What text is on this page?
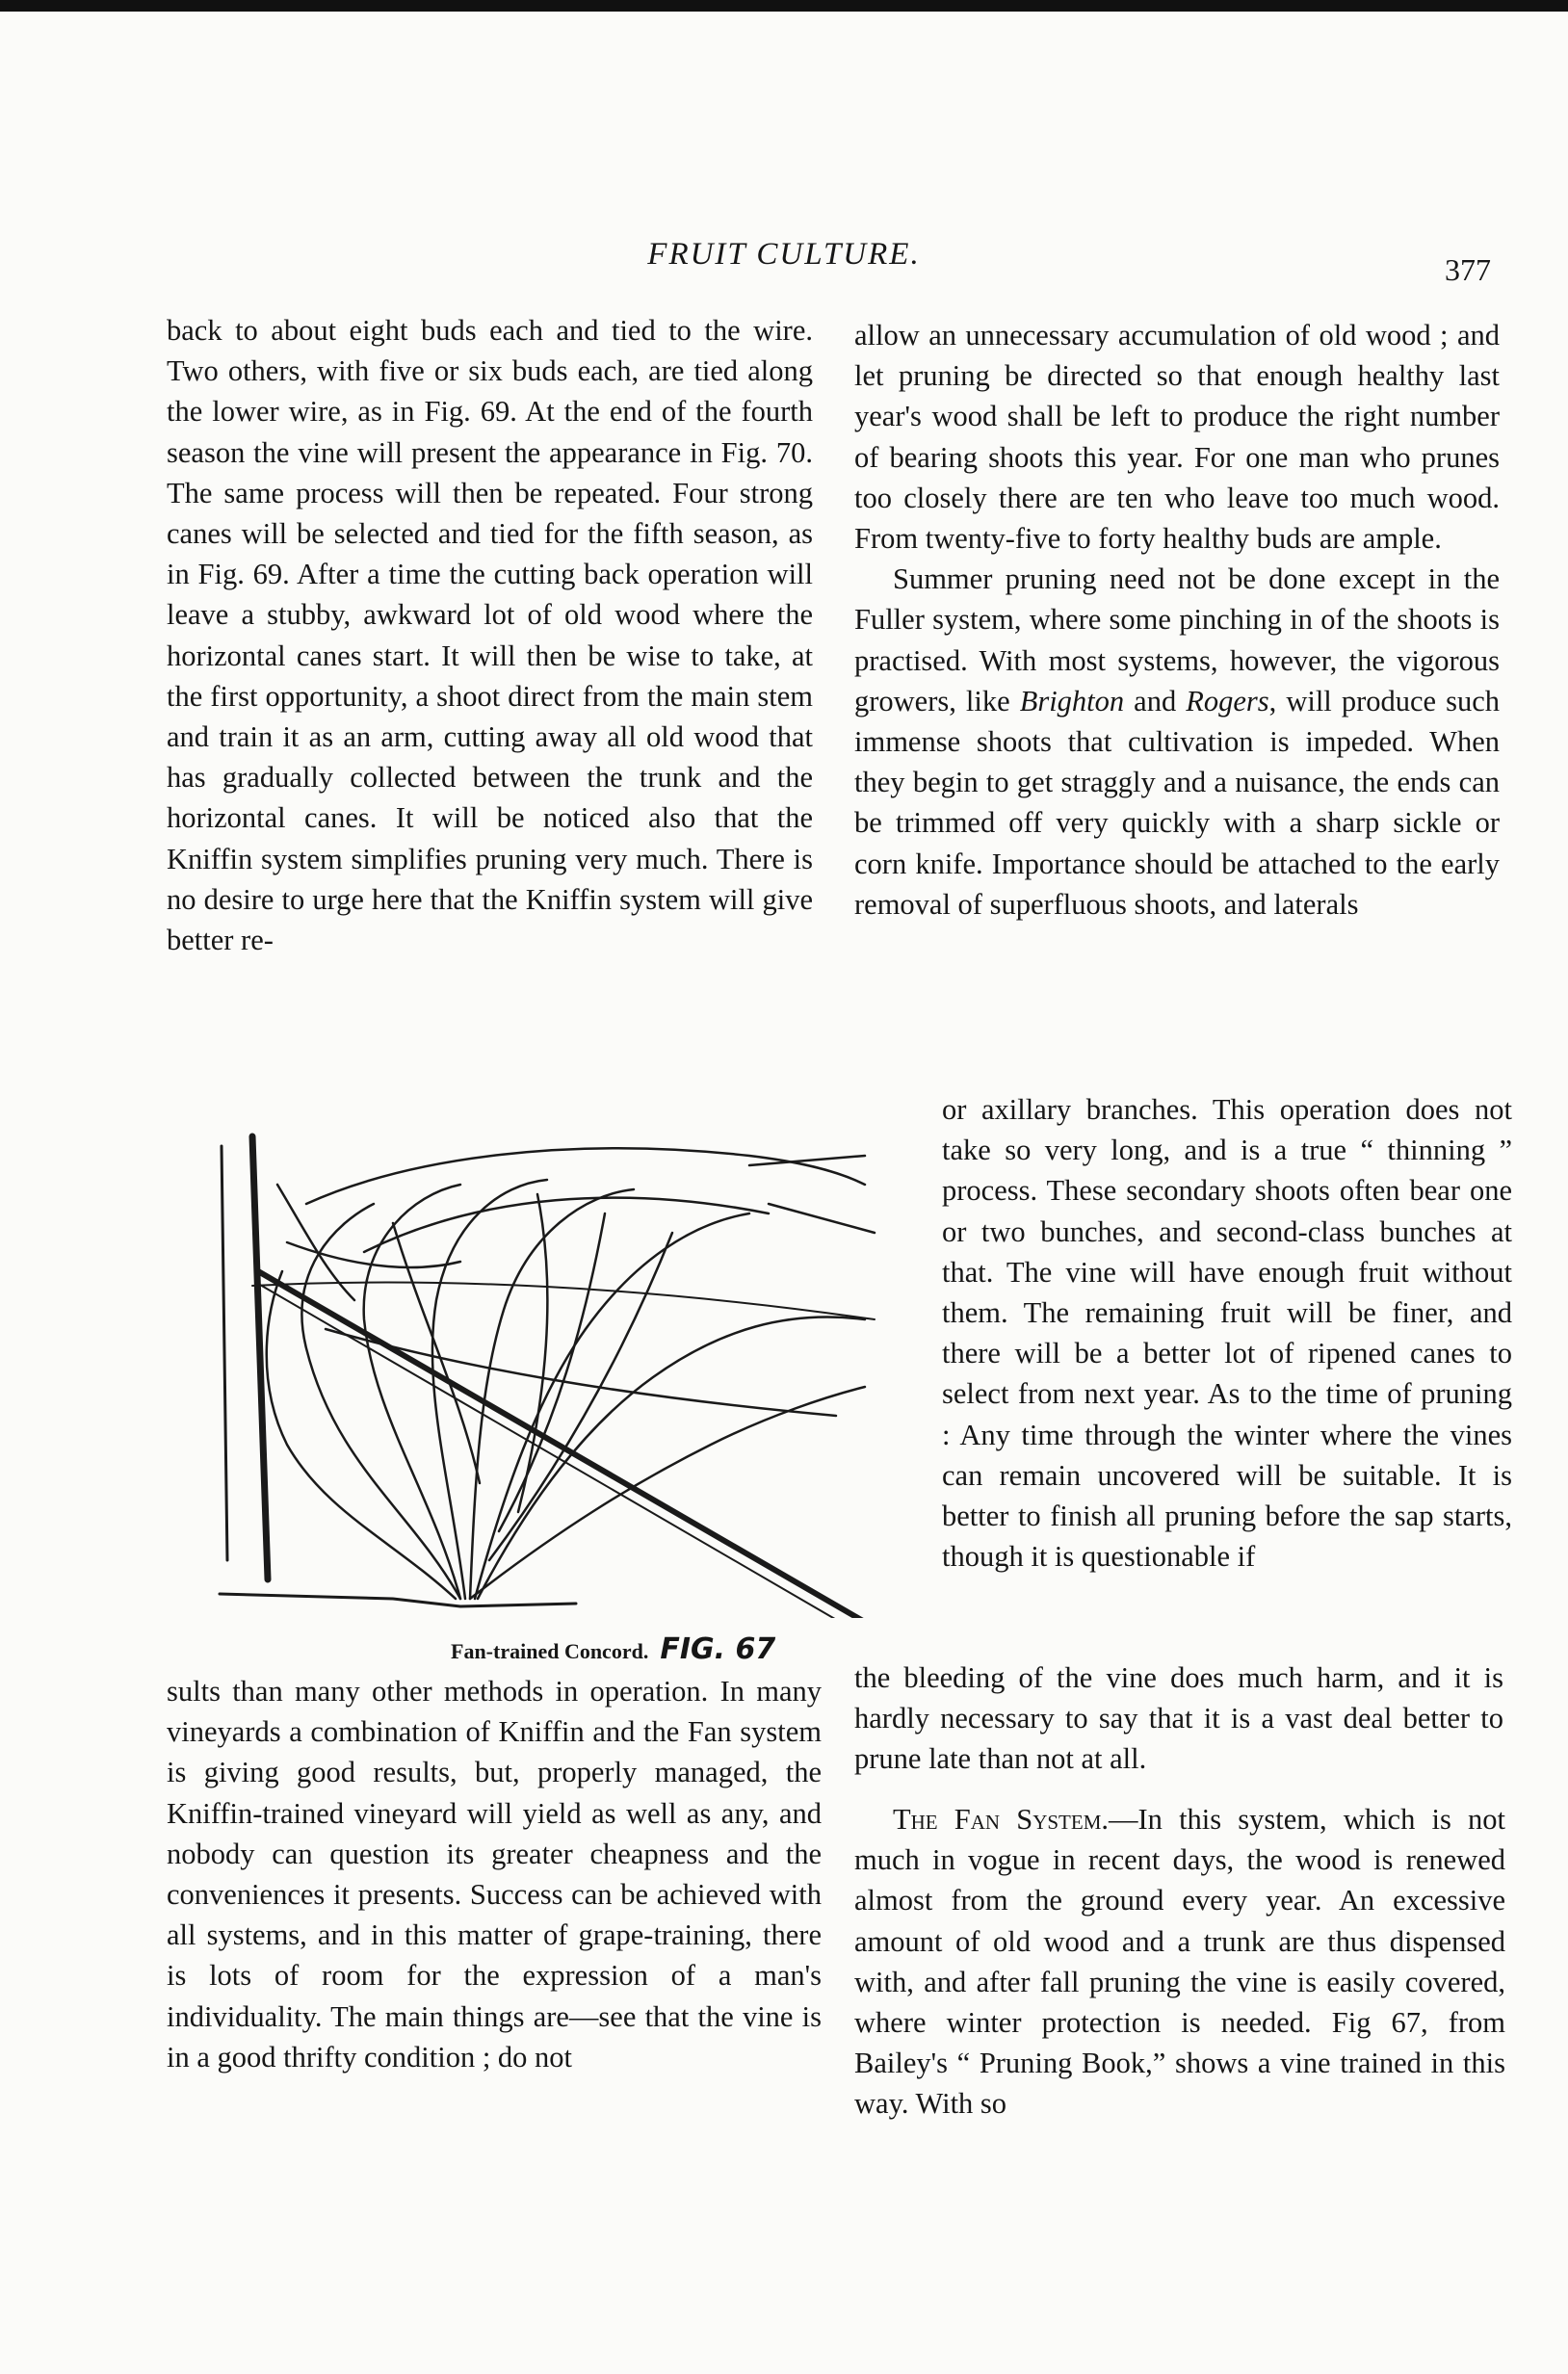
FRUIT CULTURE.	377
back to about eight buds each and tied to the wire. Two others, with five or six buds each, are tied along the lower wire, as in Fig. 69. At the end of the fourth season the vine will present the appearance in Fig. 70. The same process will then be repeated. Four strong canes will be selected and tied for the fifth season, as in Fig. 69. After a time the cutting back operation will leave a stubby, awkward lot of old wood where the horizontal canes start. It will then be wise to take, at the first opportunity, a shoot direct from the main stem and train it as an arm, cutting away all old wood that has gradually collected between the trunk and the horizontal canes. It will be noticed also that the Kniffin system simplifies pruning very much. There is no desire to urge here that the Kniffin system will give better re-
Fan-trained Concord. FIG. 67
sults than many other methods in operation. In many vineyards a combination of Kniffin and the Fan system is giving good results, but, properly managed, the Kniffin-trained vineyard will yield as well as any, and nobody can question its greater cheapness and the conveniences it presents. Success can be achieved with all systems, and in this matter of grape-training, there is lots of room for the expression of a man's individuality. The main things are—see that the vine is in a good thrifty condition ; do not

allow an unnecessary accumulation of old wood ; and let pruning be directed so that enough healthy last year's wood shall be left to produce the right number of bearing shoots this year. For one man who prunes too closely there are ten who leave too much wood. From twenty-five to forty healthy buds are ample.

Summer pruning need not be done except in the Fuller system, where some pinching in of the shoots is practised. With most systems, however, the vigorous growers, like Brighton and Rogers, will produce such immense shoots that cultivation is impeded. When they begin to get straggly and a nuisance, the ends can be trimmed off very quickly with a sharp sickle or corn knife. Importance should be attached to the early removal of superfluous shoots, and laterals

or axillary branches. This operation does not take so very long, and is a true “ thinning ” process. These secondary shoots often bear one or two bunches, and second-class bunches at that. The vine will have enough fruit without them. The remaining fruit will be finer, and there will be a better lot of ripened canes to select from next year. As to the time of pruning : Any time through the winter where the vines can remain uncovered will be suitable. It is better to finish all pruning before the sap starts, though it is questionable if
the bleeding of the vine does much harm, and it is hardly necessary to say that it is a vast deal better to prune late than not at all.

The Fan System.—In this system, which is not much in vogue in recent days, the wood is renewed almost from the ground every year. An excessive amount of old wood and a trunk are thus dispensed with, and after fall pruning the vine is easily covered, where winter protection is needed. Fig 67, from Bailey's “ Pruning Book,” shows a vine trained in this way. With so
